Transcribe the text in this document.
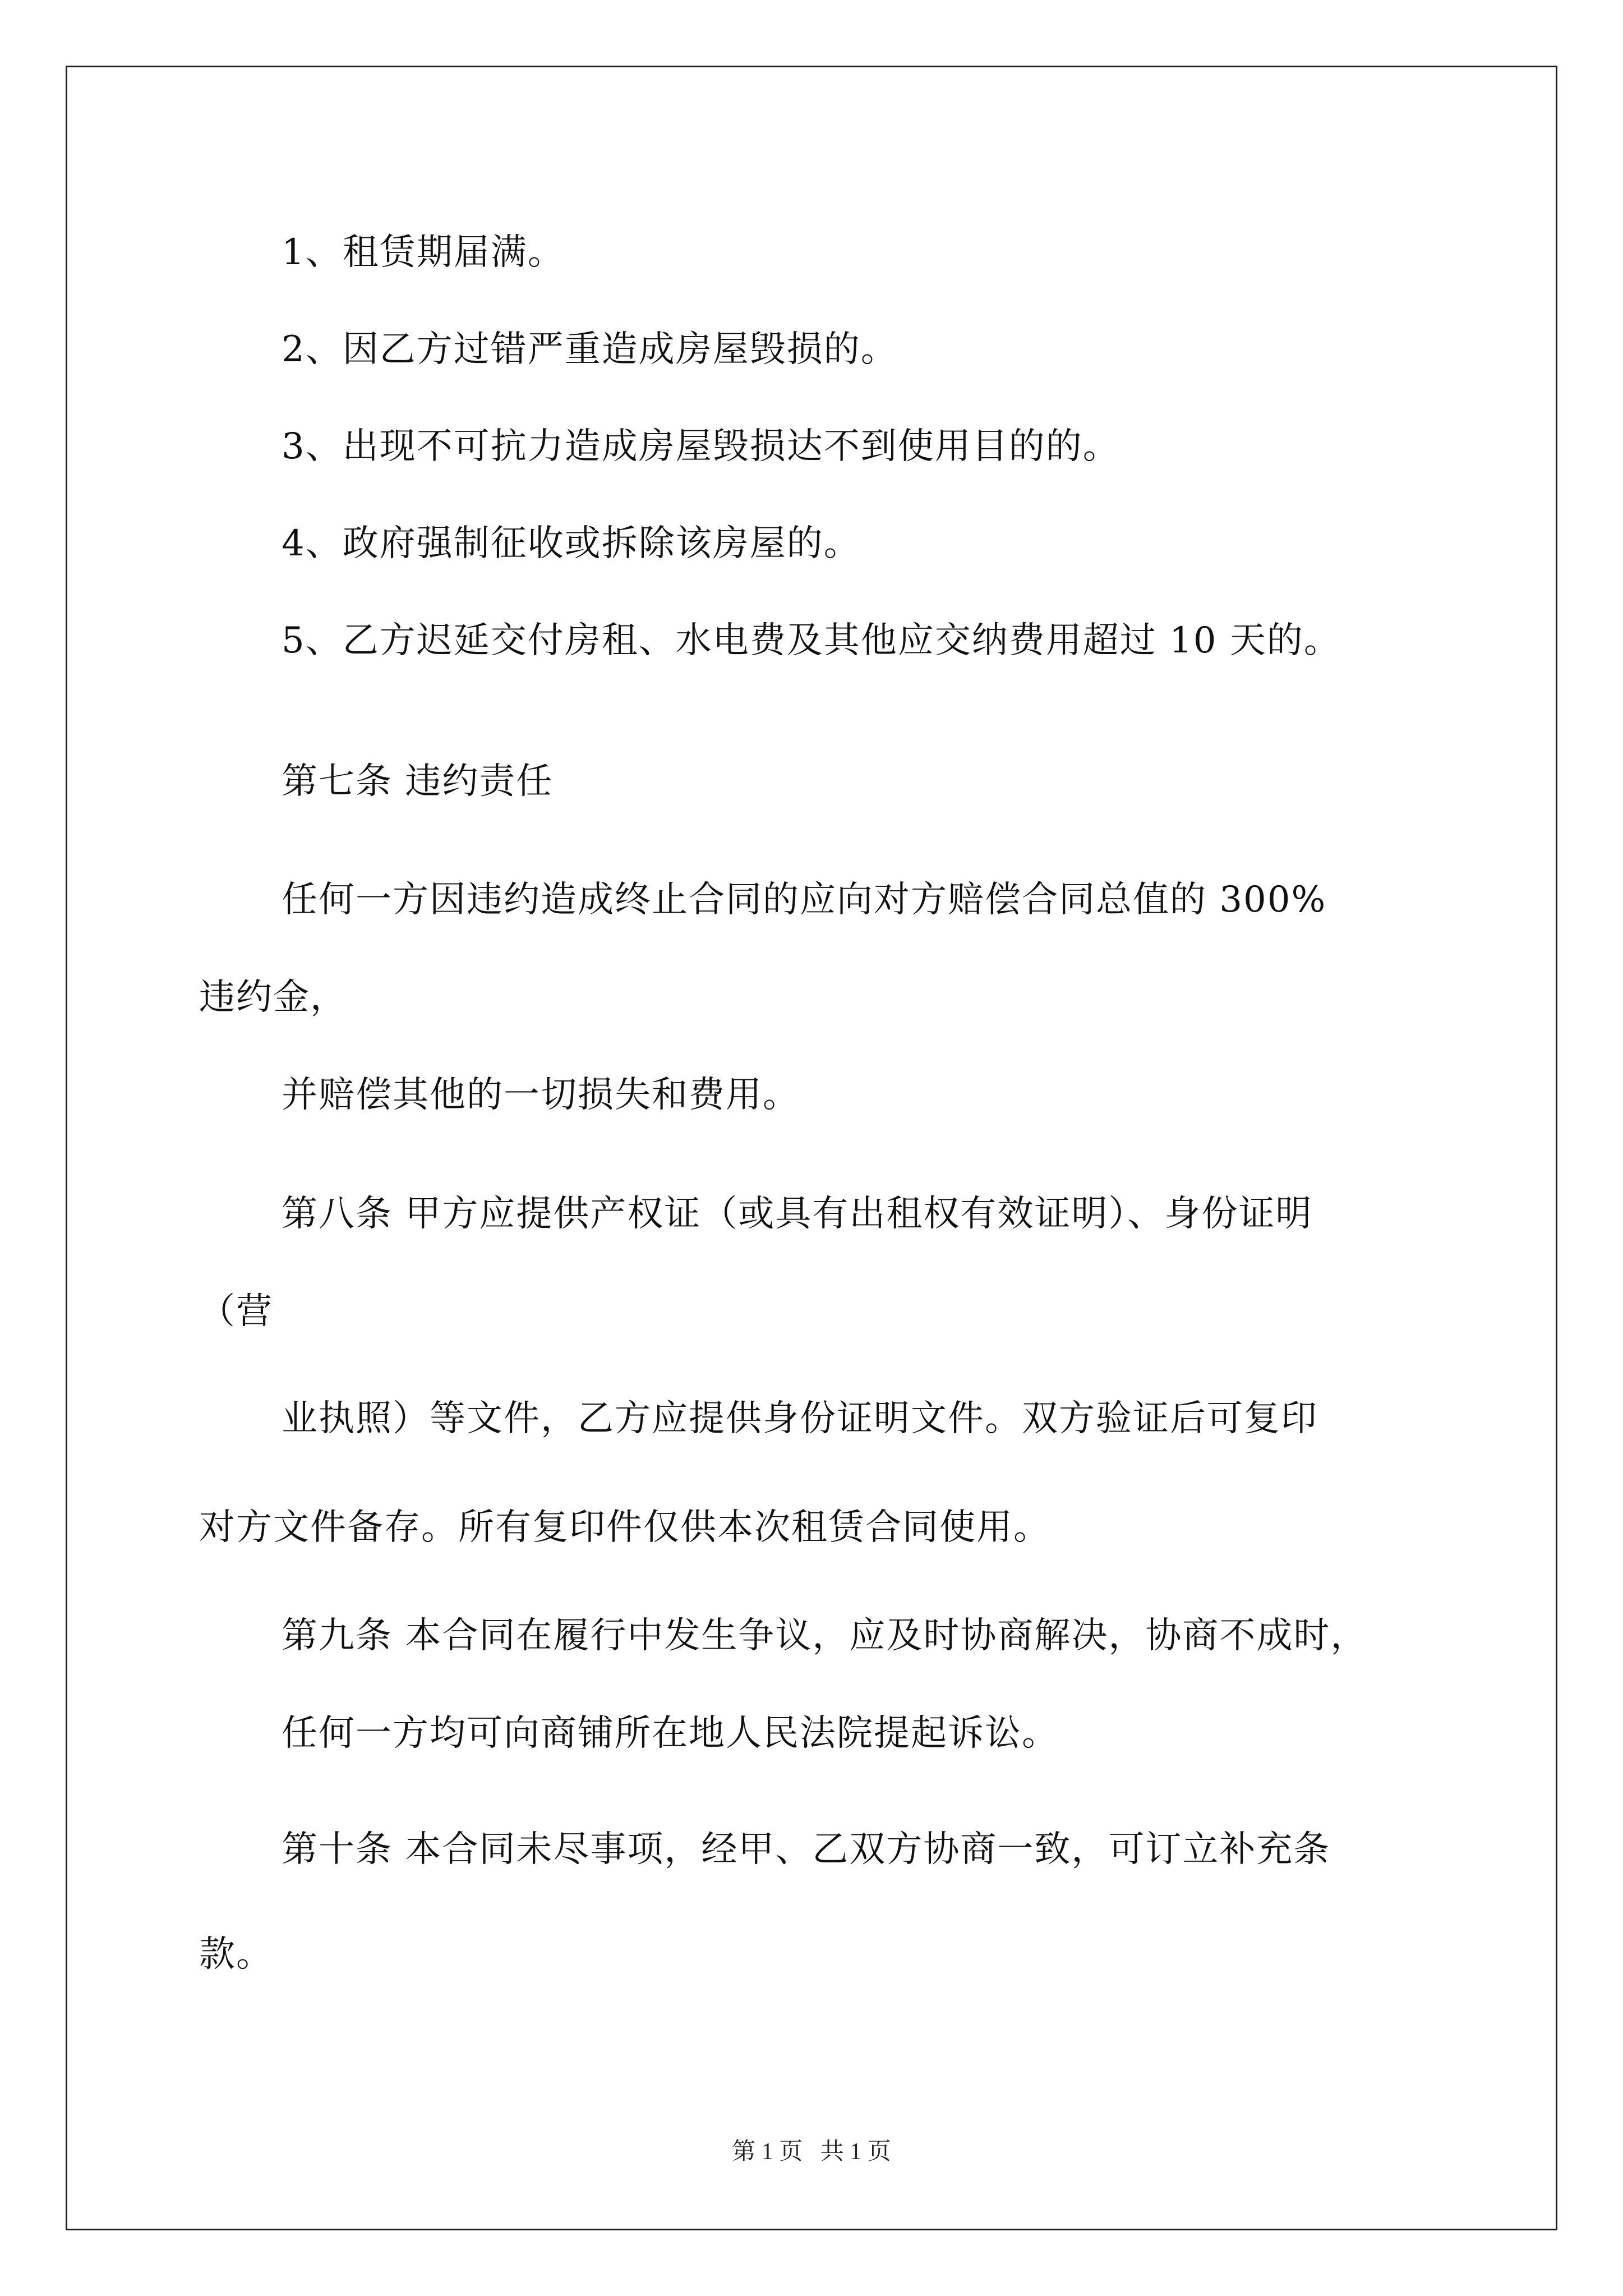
1、租赁期届满。
2、因乙方过错严重造成房屋毁损的。
3、出现不可抗力造成房屋毁损达不到使用目的的。
4、政府强制征收或拆除该房屋的。
5、乙方迟延交付房租、水电费及其他应交纳费用超过 10 天的。
第七条 违约责任
任何一方因违约造成终止合同的应向对方赔偿合同总值的 300%
违约金，
并赔偿其他的一切损失和费用。
第八条 甲方应提供产权证（或具有出租权有效证明）、身份证明
（营
业执照）等文件，乙方应提供身份证明文件。双方验证后可复印
对方文件备存。所有复印件仅供本次租赁合同使用。
第九条 本合同在履行中发生争议，应及时协商解决，协商不成时，
任何一方均可向商铺所在地人民法院提起诉讼。
第十条 本合同未尽事项，经甲、乙双方协商一致，可订立补充条
款。
第 1 页   共 1 页
